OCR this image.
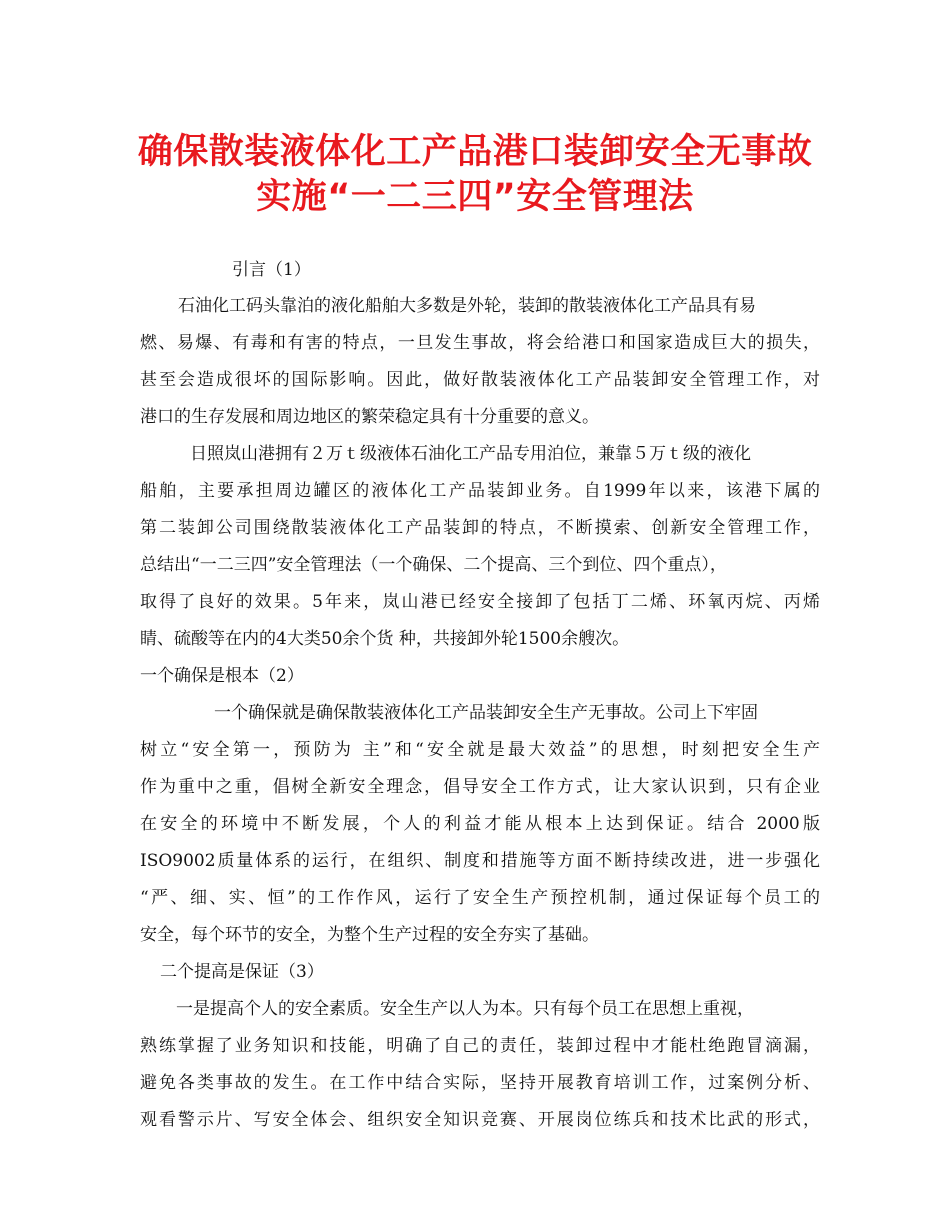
确保散装液体化工产品港口装卸安全无事故
实施“一二三四”安全管理法
引言（1）
石油化工码头靠泊的液化船舶大多数是外轮，装卸的散装液体化工产品具有易
燃、易爆、有毒和有害的特点，一旦发生事故，将会给港口和国家造成巨大的损失，
甚至会造成很坏的国际影响。因此，做好散装液体化工产品装卸安全管理工作，对
港口的生存发展和周边地区的繁荣稳定具有十分重要的意义。
日照岚山港拥有２万ｔ级液体石油化工产品专用泊位，兼靠５万ｔ级的液化
船舶，主要承担周边罐区的液体化工产品装卸业务。自1999年以来，该港下属的
第二装卸公司围绕散装液体化工产品装卸的特点，不断摸索、创新安全管理工作，
总结出“一二三四”安全管理法（一个确保、二个提高、三个到位、四个重点），
取得了良好的效果。5年来，岚山港已经安全接卸了包括丁二烯、环氧丙烷、丙烯
睛、硫酸等在内的4大类50余个货 种，共接卸外轮1500余艘次。
一个确保是根本（2）
一个确保就是确保散装液体化工产品装卸安全生产无事故。公司上下牢固
树立“安全第一，预防为 主”和“安全就是最大效益”的思想，时刻把安全生产
作为重中之重，倡树全新安全理念，倡导安全工作方式，让大家认识到，只有企业
在安全的环境中不断发展，个人的利益才能从根本上达到保证。结合 2000版
ISO9002质量体系的运行，在组织、制度和措施等方面不断持续改进，进一步强化
“严、细、实、恒”的工作作风，运行了安全生产预控机制，通过保证每个员工的
安全，每个环节的安全，为整个生产过程的安全夯实了基础。
二个提高是保证（3）
一是提高个人的安全素质。安全生产以人为本。只有每个员工在思想上重视，
熟练掌握了业务知识和技能，明确了自己的责任，装卸过程中才能杜绝跑冒滴漏，
避免各类事故的发生。在工作中结合实际，坚持开展教育培训工作，过案例分析、
观看警示片、写安全体会、组织安全知识竞赛、开展岗位练兵和技术比武的形式，
